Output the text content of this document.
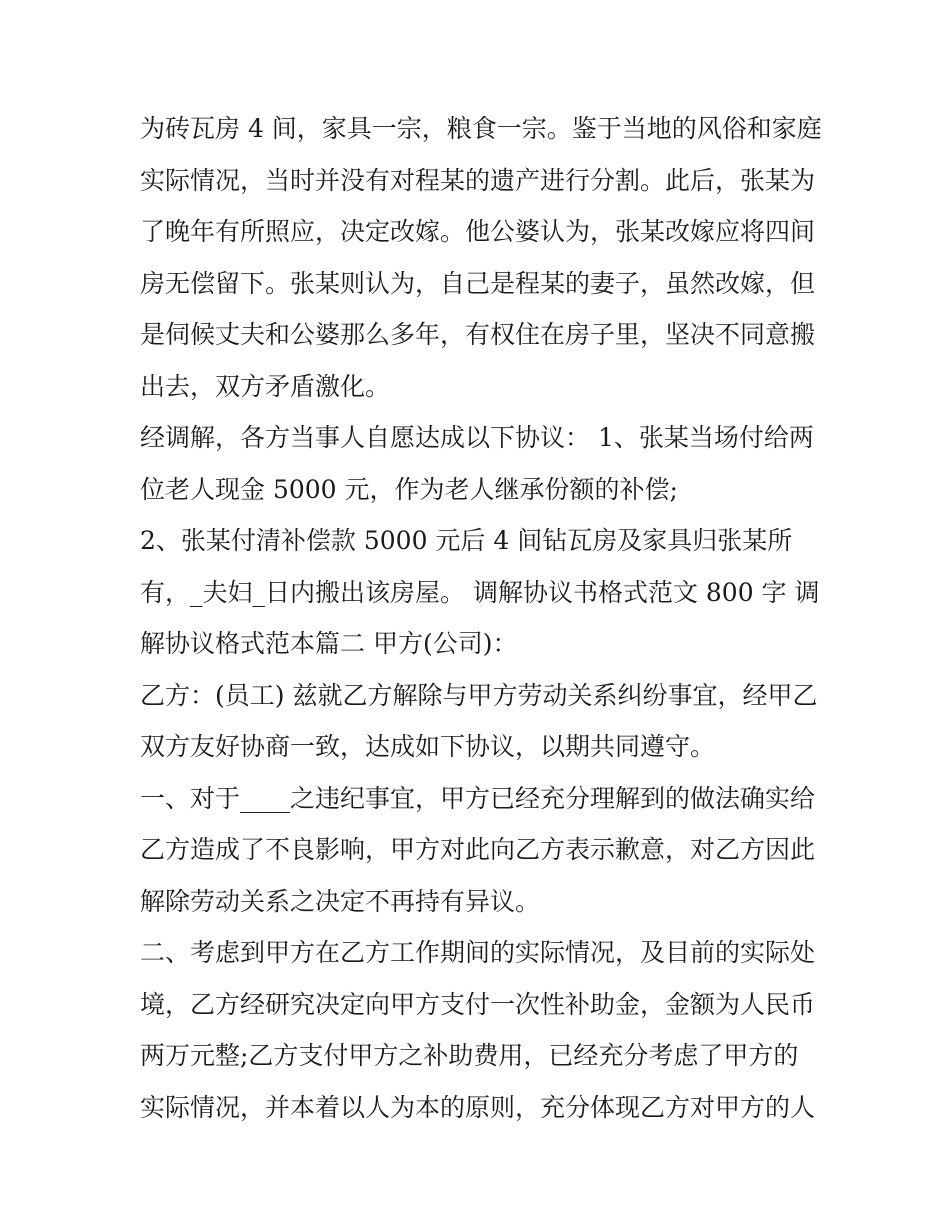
为砖瓦房 4 间，家具一宗，粮食一宗。鉴于当地的风俗和家庭
实际情况，当时并没有对程某的遗产进行分割。此后，张某为
了晚年有所照应，决定改嫁。他公婆认为，张某改嫁应将四间
房无偿留下。张某则认为，自己是程某的妻子，虽然改嫁，但
是伺候丈夫和公婆那么多年，有权住在房子里，坚决不同意搬
出去，双方矛盾激化。
经调解，各方当事人自愿达成以下协议： 1、张某当场付给两
位老人现金 5000 元，作为老人继承份额的补偿;
2、张某付清补偿款 5000 元后 4 间钻瓦房及家具归张某所
有，_夫妇_日内搬出该房屋。 调解协议书格式范文 800 字 调
解协议格式范本篇二 甲方(公司)：
乙方：(员工) 兹就乙方解除与甲方劳动关系纠纷事宜，经甲乙
双方友好协商一致，达成如下协议，以期共同遵守。
一、对于____之违纪事宜，甲方已经充分理解到的做法确实给
乙方造成了不良影响，甲方对此向乙方表示歉意，对乙方因此
解除劳动关系之决定不再持有异议。
二、考虑到甲方在乙方工作期间的实际情况，及目前的实际处
境，乙方经研究决定向甲方支付一次性补助金，金额为人民币
两万元整;乙方支付甲方之补助费用，已经充分考虑了甲方的
实际情况，并本着以人为本的原则，充分体现乙方对甲方的人
